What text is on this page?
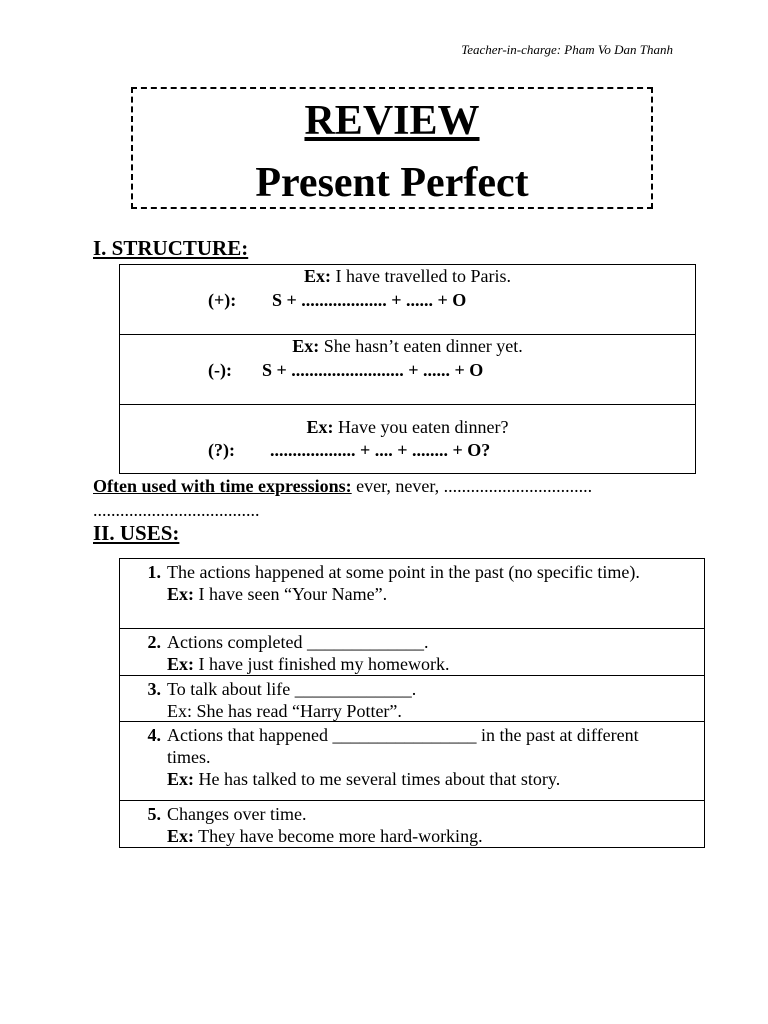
Teacher-in-charge: Pham Vo Dan Thanh
REVIEW
Present Perfect
I. STRUCTURE:
Ex: I have travelled to Paris.
(+): S + ................... + ...... + O
Ex: She hasn’t eaten dinner yet.
(-): S + ......................... + ...... + O
Ex: Have you eaten dinner?
(?): ................... + .... + ........ + O?
Often used with time expressions: ever, never, ................................. .....................................
II. USES:
1. The actions happened at some point in the past (no specific time).
Ex: I have seen “Your Name”.
2. Actions completed _____________.
Ex: I have just finished my homework.
3. To talk about life _____________.
Ex: She has read “Harry Potter”.
4. Actions that happened ________________ in the past at different times.
Ex: He has talked to me several times about that story.
5. Changes over time.
Ex: They have become more hard-working.
